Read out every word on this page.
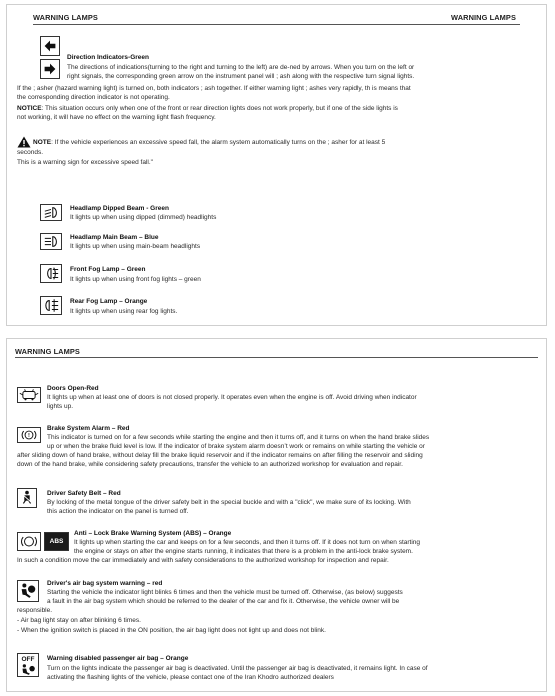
WARNING LAMPS	WARNING LAMPS
Direction Indicators-Green
The directions of indications(turning to the right and turning to the left) are de‑ned by arrows. When you turn on the left or
right signals, the corresponding green arrow on the instrument panel will ; ash along with the respective turn signal lights.
If the ; asher (hazard warning light) is turned on, both indicators ; ash together. If either warning light ; ashes very rapidly, th is means that
the corresponding direction indicator is not operating.
NOTICE: This situation occurs only when one of the front or rear direction lights does not work properly, but if one of the side lights is
not working, it will have no effect on the warning light flash frequency.
NOTE: If the vehicle experiences an excessive speed fall, the alarm system automatically turns on the ; asher for at least 5
seconds.
This is a warning sign for excessive speed fall."
Headlamp Dipped Beam - Green
It lights up when using dipped (dimmed) headlights
Headlamp Main Beam – Blue
It lights up when using main-beam headlights
Front Fog Lamp – Green
It lights up when using front fog lights – green
Rear Fog Lamp – Orange
It lights up when using rear fog lights.
WARNING LAMPS
Doors Open-Red
It lights up when at least one of doors is not closed properly. It operates even when the engine is off. Avoid driving when indicator
lights up.
!
Brake System Alarm – Red
This indicator is turned on for a few seconds while starting the engine and then it turns off, and it turns on when the hand brake slides
up or when the brake fluid level is low. If the indicator of brake system alarm doesn’t work or remains on while starting the vehicle or
after sliding down of hand brake, without delay fill the brake liquid reservoir and if the indicator remains on after filling the reservoir and sliding
down of the hand brake, while considering safety precautions, transfer the vehicle to an authorized workshop for evaluation and repair.
Driver Safety Belt – Red
By locking of the metal tongue of the driver safety belt in the special buckle and with a "click", we make sure of its locking. With
this action the indicator on the panel is turned off.
ABS
Anti – Lock Brake Warning System (ABS) – Orange
It lights up when starting the car and keeps on for a few seconds, and then it turns off. If it does not turn on when starting
the engine or stays on after the engine starts running, it indicates that there is a problem in the anti-lock brake system.
In such a condition move the car immediately and with safety considerations to the authorized workshop for inspection and repair.
Driver's air bag system warning – red
Starting the vehicle the indicator light blinks 6 times and then the vehicle must be turned off. Otherwise, (as below) suggests
a fault in the air bag system which should be referred to the dealer of the car and fix it. Otherwise, the vehicle owner will be
responsible.
- Air bag light stay on after blinking 6 times.
- When the ignition switch is placed in the ON position, the air bag light does not light up and does not blink.
OFF	Warning disabled passenger air bag – Orange
Turn on the lights indicate the passenger air bag is deactivated. Until the passenger air bag is deactivated, it remains light. In case of
activating the flashing lights of the vehicle, please contact one of the Iran Khodro authorized dealers
